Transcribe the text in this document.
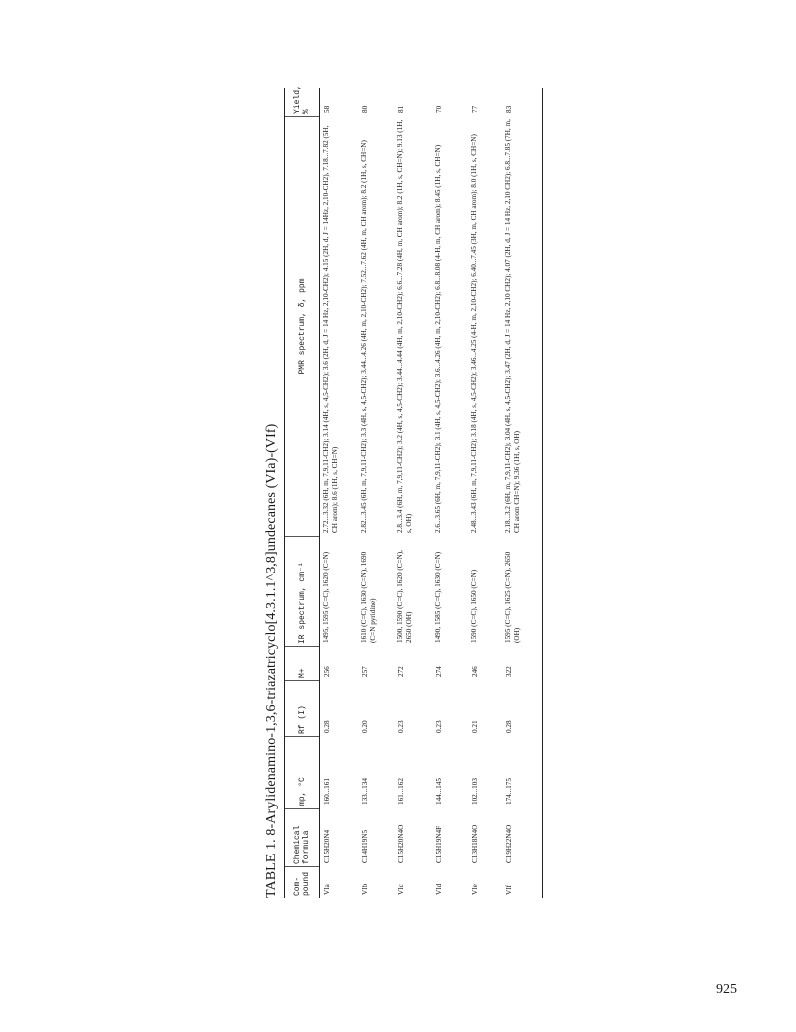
TABLE 1. 8-Arylidenamino-1,3,6-triazatricyclo[4.3.1.1^3,8]undecanes (VIa)-(VIf)	Com-pound
Chemical formula
mp, °C
Rf (I)
M+
IR spectrum, cm⁻¹
PMR spectrum, δ, ppm
Yield, %
VIa
C15H20N4
160...161
0.28
256
1495, 1595 (C=C), 1620 (C=N)
2.72...3.32 (6H, m, 7,9,11-CH2); 3.14 (4H, s, 4,5-CH2); 3.6 (2H, d, J = 14 Hz, 2,10-CH2); 4.15 (2H, d, J = 14Hz, 2,10-CH2), 7.18...7.82 (5H, CH arom); 8.6 (1H, s, CH=N)
58
VIb
C14H19N5
133...134
0.20
257
1610 (C=C), 1630 (C=N), 1690 (C=N pyridine)
2.82...3.45 (6H, m, 7,9,11-CH2); 3.3 (4H, s, 4,5-CH2); 3.44...4.26 (4H, m, 2,10-CH2); 7.52...7.62 (4H, m, CH arom); 8.2 (1H, s, CH=N)
80
VIc
C15H20N4O
161...162
0.23
272
1500, 1590 (C=C), 1620 (C=N), 2650 (OH)
2.8...3.4 (6H, m, 7,9,11-CH2); 3.2 (4H, s, 4,5-CH2); 3.44...4.44 (4H, m, 2,10-CH2); 6.6...7.28 (4H, m, CH arom); 8.2 (1H, s, CH=N); 9.13 (1H, s, OH)
81
VId
C15H19N4F
144...145
0.23
274
1490, 1585 (C=C), 1630 (C=N)
2.6...3.65 (6H, m, 7,9,11-CH2); 3.1 (4H, s, 4,5-CH2); 3.6...4.26 (4H, m, 2,10-CH2); 6.8...8.08 (4-H, m, CH arom); 8.45 (1H, s, CH=N)
70
VIe
C13H18N4O
102...103
0.21
246
1590 (C=C), 1650 (C=N)
2.48...3.43 (6H, m, 7,9,11-CH2); 3.18 (4H, s, 4,5-CH2); 3.46...4.25 (4-H, m, 2,10-CH2); 6.40...7.45 (3H, m, CH arom); 8.0 (1H, s, CH=N)
77
VIf
C19H22N4O
174...175
0.28
322
1595 (C=C), 1625 (C=N), 2650 (OH)
2.18...3.2 (6H, m, 7,9,11-CH2); 3.04 (4H, s, 4,5-CH2); 3.47 (2H, d, J = 14 Hz, 2,10 CH2); 4.07 (2H, d, J = 14 Hz, 2,10 CH2); 6.8...7.85 (7H, m, CH arom CH=N); 9.36 (1H, s, OH)
83
925
